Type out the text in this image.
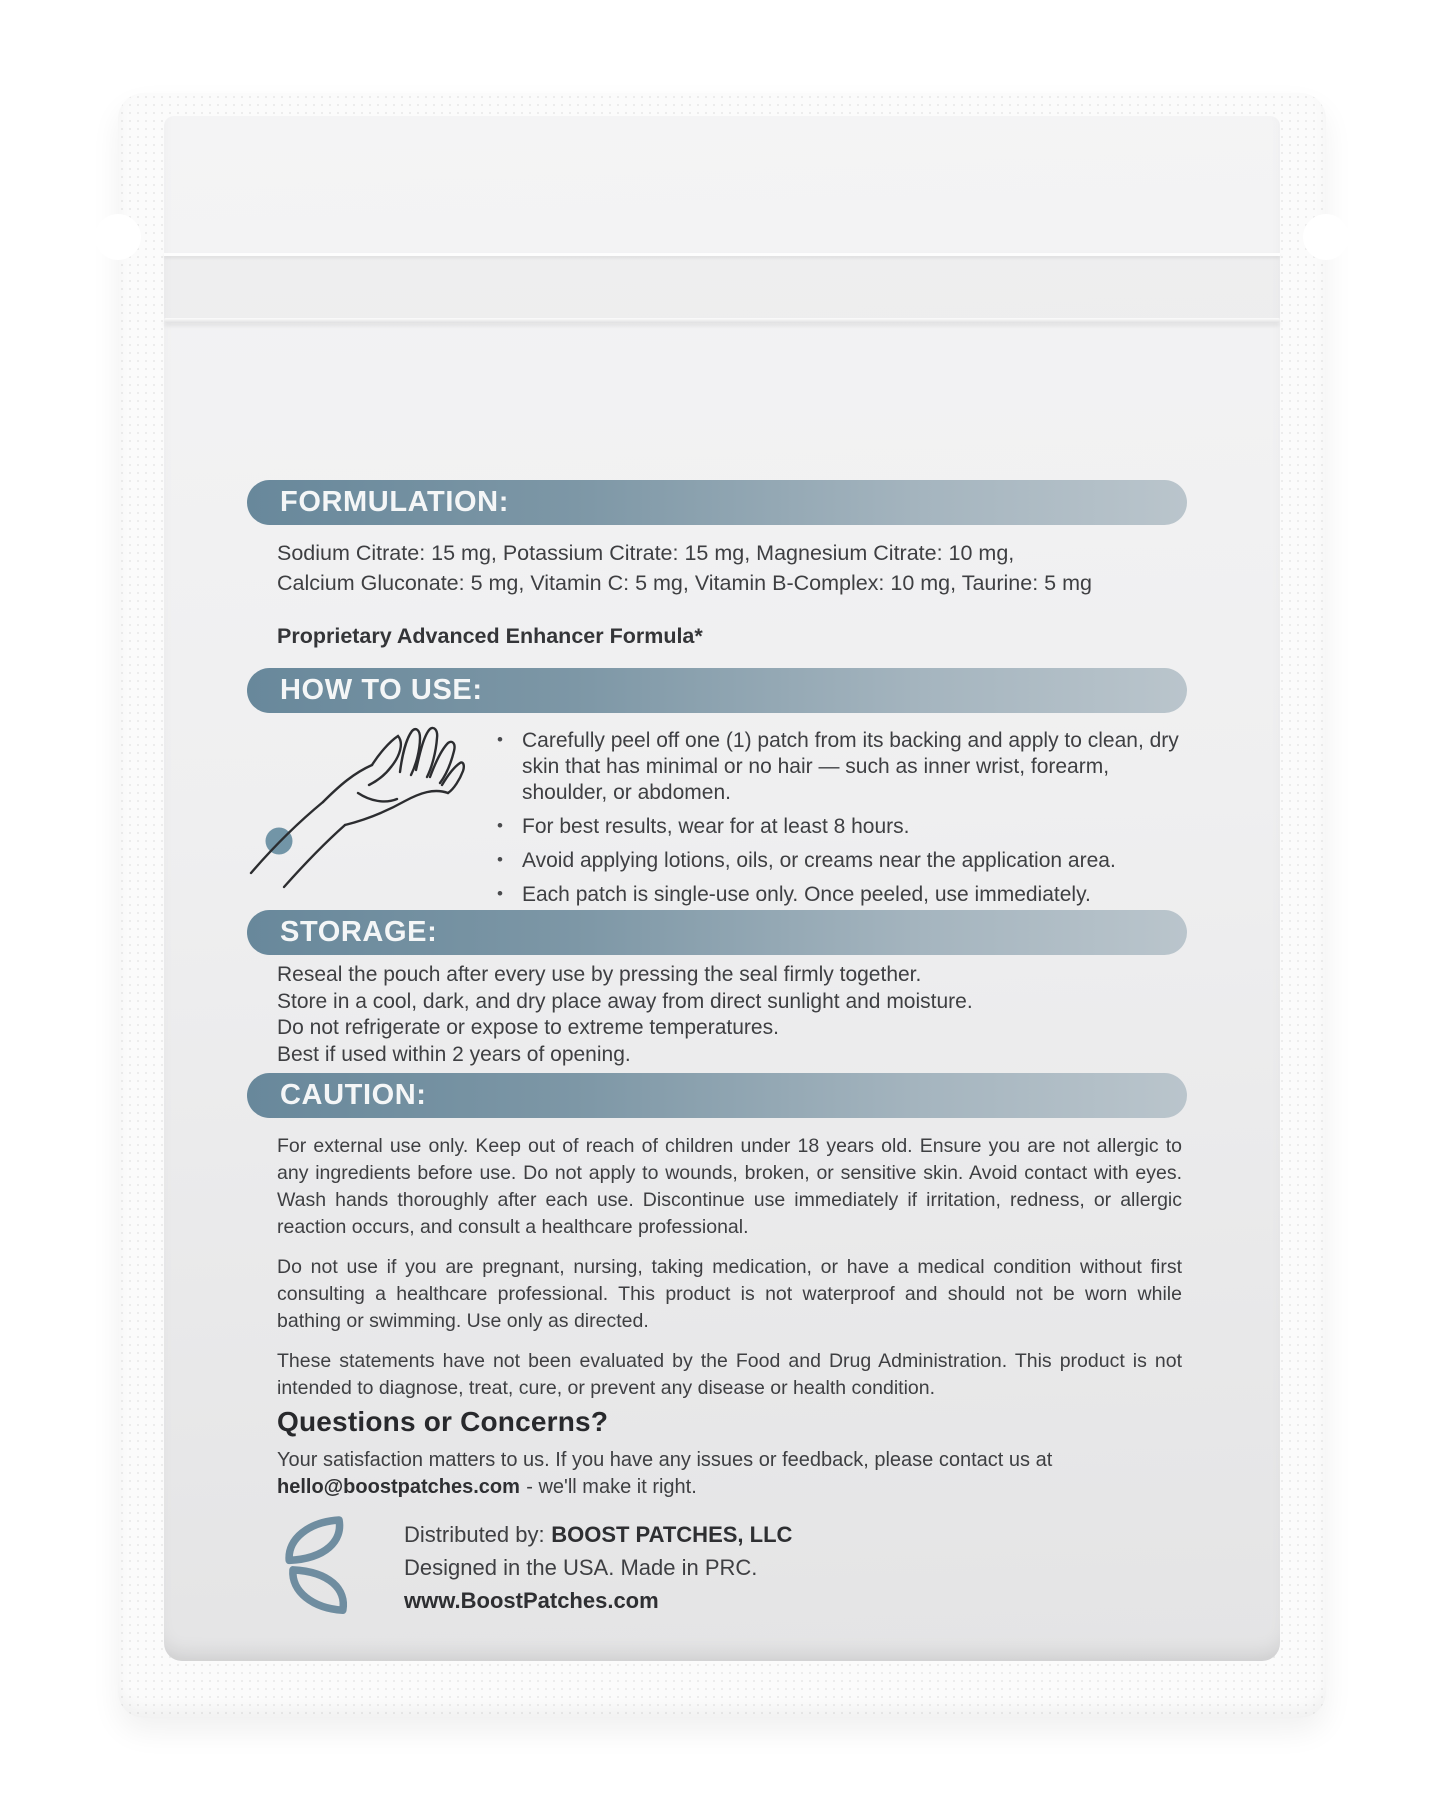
FORMULATION:
Sodium Citrate: 15 mg, Potassium Citrate: 15 mg, Magnesium Citrate: 10 mg,
Calcium Gluconate: 5 mg, Vitamin C: 5 mg, Vitamin B-Complex: 10 mg, Taurine: 5 mg
Proprietary Advanced Enhancer Formula*
HOW TO USE:
• Carefully peel off one (1) patch from its backing and apply to clean, dry skin that has minimal or no hair — such as inner wrist, forearm, shoulder, or abdomen.
• For best results, wear for at least 8 hours.
• Avoid applying lotions, oils, or creams near the application area.
• Each patch is single-use only. Once peeled, use immediately.
STORAGE:
Reseal the pouch after every use by pressing the seal firmly together.
Store in a cool, dark, and dry place away from direct sunlight and moisture.
Do not refrigerate or expose to extreme temperatures.
Best if used within 2 years of opening.
CAUTION:

For external use only. Keep out of reach of children under 18 years old. Ensure you are not allergic to any ingredients before use. Do not apply to wounds, broken, or sensitive skin. Avoid contact with eyes. Wash hands thoroughly after each use. Discontinue use immediately if irritation, redness, or allergic reaction occurs, and consult a healthcare professional.

Do not use if you are pregnant, nursing, taking medication, or have a medical condition without first consulting a healthcare professional. This product is not waterproof and should not be worn while bathing or swimming. Use only as directed.

These statements have not been evaluated by the Food and Drug Administration. This product is not intended to diagnose, treat, cure, or prevent any disease or health condition.

Questions or Concerns?

Your satisfaction matters to us. If you have any issues or feedback, please contact us at
hello@boostpatches.com - we'll make it right.

Distributed by: BOOST PATCHES, LLC
Designed in the USA. Made in PRC.
www.BoostPatches.com
